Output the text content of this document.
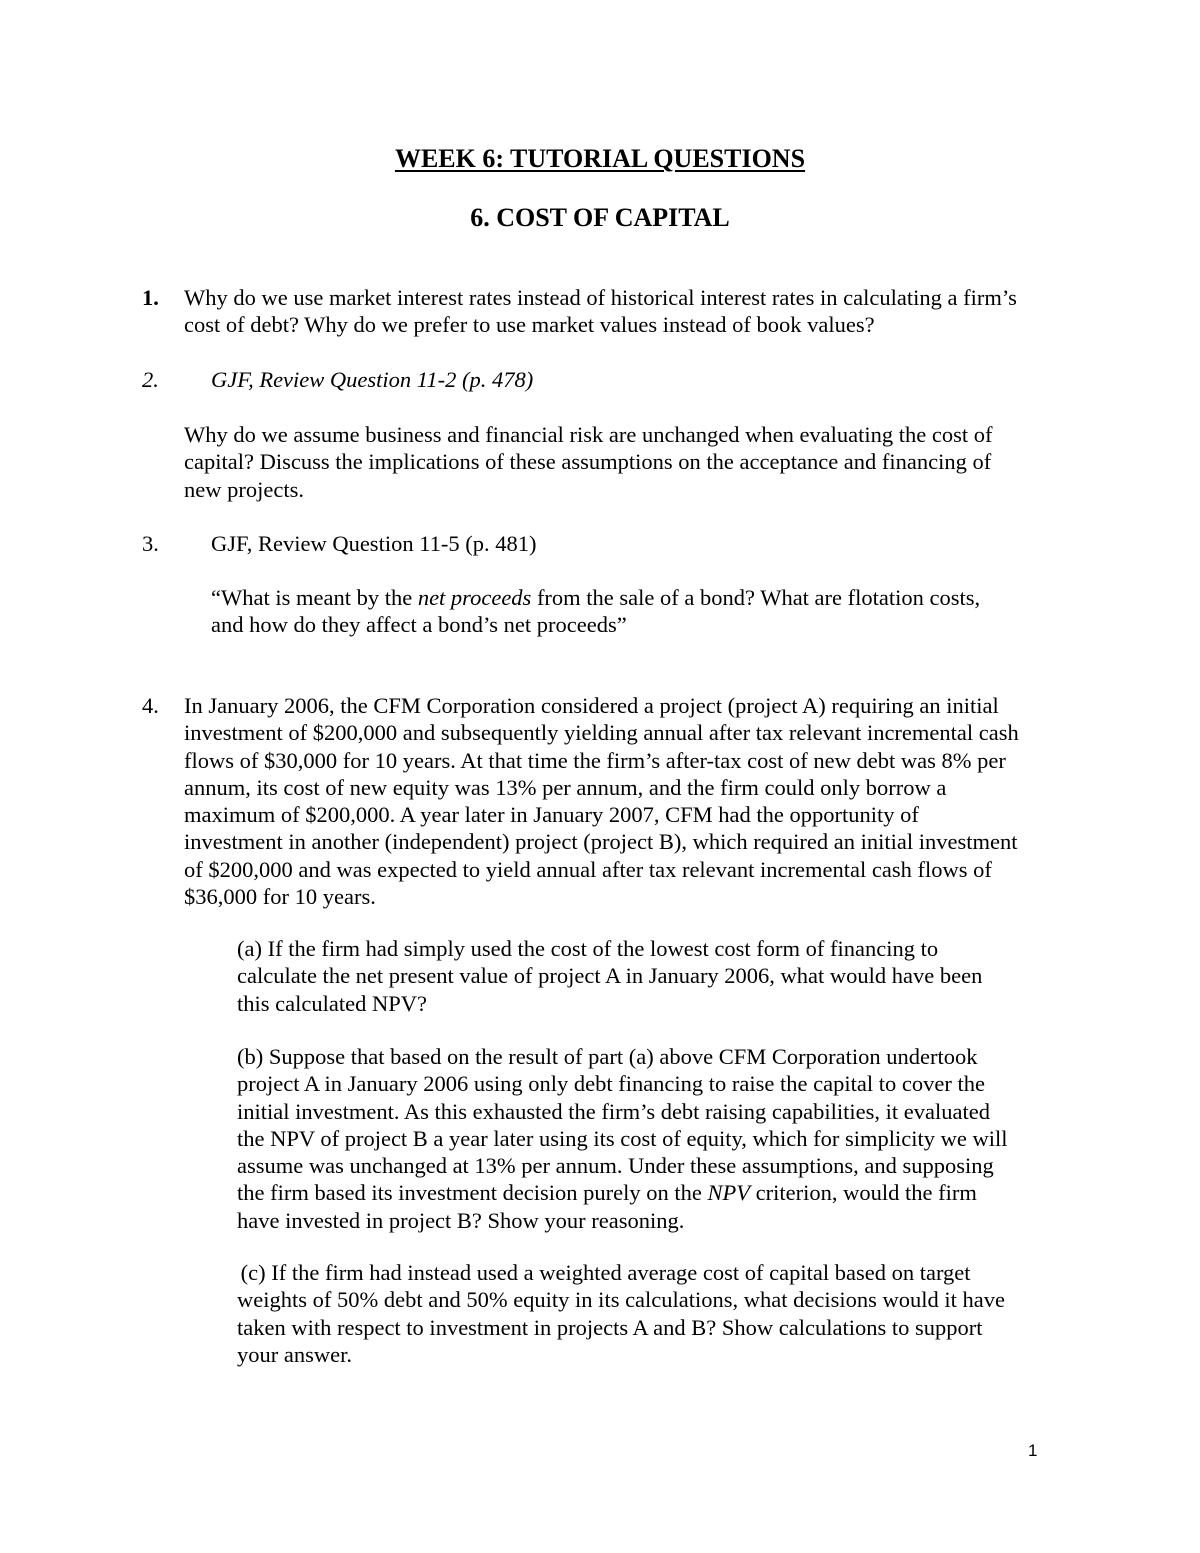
WEEK 6: TUTORIAL QUESTIONS
6. COST OF CAPITAL
1. Why do we use market interest rates instead of historical interest rates in calculating a firm’s
cost of debt? Why do we prefer to use market values instead of book values?
2. GJF, Review Question 11-2 (p. 478)
Why do we assume business and financial risk are unchanged when evaluating the cost of
capital? Discuss the implications of these assumptions on the acceptance and financing of
new projects.
3. GJF, Review Question 11-5 (p. 481)
“What is meant by the net proceeds from the sale of a bond? What are flotation costs,
and how do they affect a bond’s net proceeds”
4. In January 2006, the CFM Corporation considered a project (project A) requiring an initial
investment of $200,000 and subsequently yielding annual after tax relevant incremental cash
flows of $30,000 for 10 years. At that time the firm’s after-tax cost of new debt was 8% per
annum, its cost of new equity was 13% per annum, and the firm could only borrow a
maximum of $200,000. A year later in January 2007, CFM had the opportunity of
investment in another (independent) project (project B), which required an initial investment
of $200,000 and was expected to yield annual after tax relevant incremental cash flows of
$36,000 for 10 years.
(a) If the firm had simply used the cost of the lowest cost form of financing to
calculate the net present value of project A in January 2006, what would have been
this calculated NPV?
(b) Suppose that based on the result of part (a) above CFM Corporation undertook
project A in January 2006 using only debt financing to raise the capital to cover the
initial investment. As this exhausted the firm’s debt raising capabilities, it evaluated
the NPV of project B a year later using its cost of equity, which for simplicity we will
assume was unchanged at 13% per annum. Under these assumptions, and supposing
the firm based its investment decision purely on the NPV criterion, would the firm
have invested in project B? Show your reasoning.
(c) If the firm had instead used a weighted average cost of capital based on target
weights of 50% debt and 50% equity in its calculations, what decisions would it have
taken with respect to investment in projects A and B? Show calculations to support
your answer.
1
